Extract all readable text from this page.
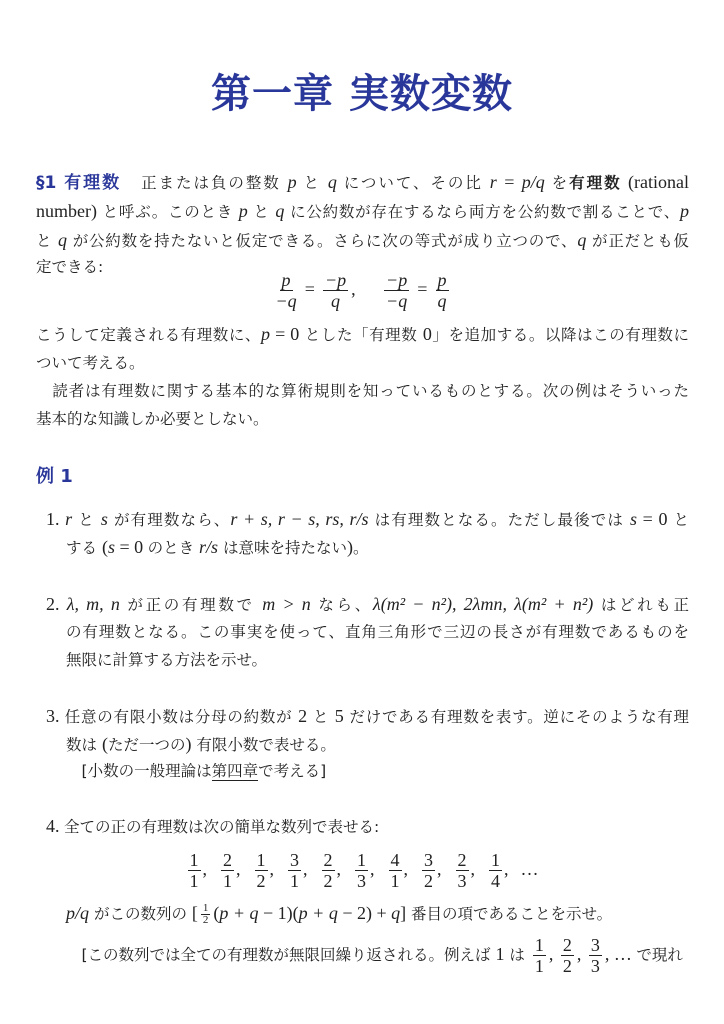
第一章 実数変数
§1 有理数 正または負の整数 p と q について、その比 r = p/q を有理数 (rational
number) と呼ぶ。このとき p と q に公約数が存在するなら両方を公約数で割ることで、p
と q が公約数を持たないと仮定できる。さらに次の等式が成り立つので、q が正だとも仮
定できる:
$\frac{p}{-q} = \frac{-p}{q}$ , $\frac{-p}{-q} = \frac{p}{q}$
こうして定義される有理数に、p = 0 とした「有理数 0」を追加する。以降はこの有理数に
ついて考える。
　読者は有理数に関する基本的な算術規則を知っているものとする。次の例はそういった
基本的な知識しか必要としない。
例 1
1. r と s が有理数なら、r + s, r − s, rs, r/s は有理数となる。ただし最後では s = 0 と
する (s = 0 のとき r/s は意味を持たない)。
2. λ, m, n が正の有理数で m > n なら、λ(m² − n²), 2λmn, λ(m² + n²) はどれも正
の有理数となる。この事実を使って、直角三角形で三辺の長さが有理数であるものを
無限に計算する方法を示せ。
3. 任意の有限小数は分母の約数が 2 と 5 だけである有理数を表す。逆にそのような有理
数は (ただ一つの) 有限小数で表せる。
　[小数の一般理論は第四章で考える]
4. 全ての正の有理数は次の簡単な数列で表せる:
$\frac{1}{1}$ , $\frac{2}{1}$ , $\frac{1}{2}$ , $\frac{3}{1}$ , $\frac{2}{2}$ , $\frac{1}{3}$ , $\frac{4}{1}$ , $\frac{3}{2}$ , $\frac{2}{3}$ , $\frac{1}{4}$ , …
p/q がこの数列の [ $\frac{1}{2} (p + q - 1)(p + q - 2) + q$] 番目の項であることを示せ。
　[この数列では全ての有理数が無限回繰り返される。例えば 1 は $\frac{1}{1}$ , $\frac{2}{2}$ , $\frac{3}{3}$ , … で現れ
